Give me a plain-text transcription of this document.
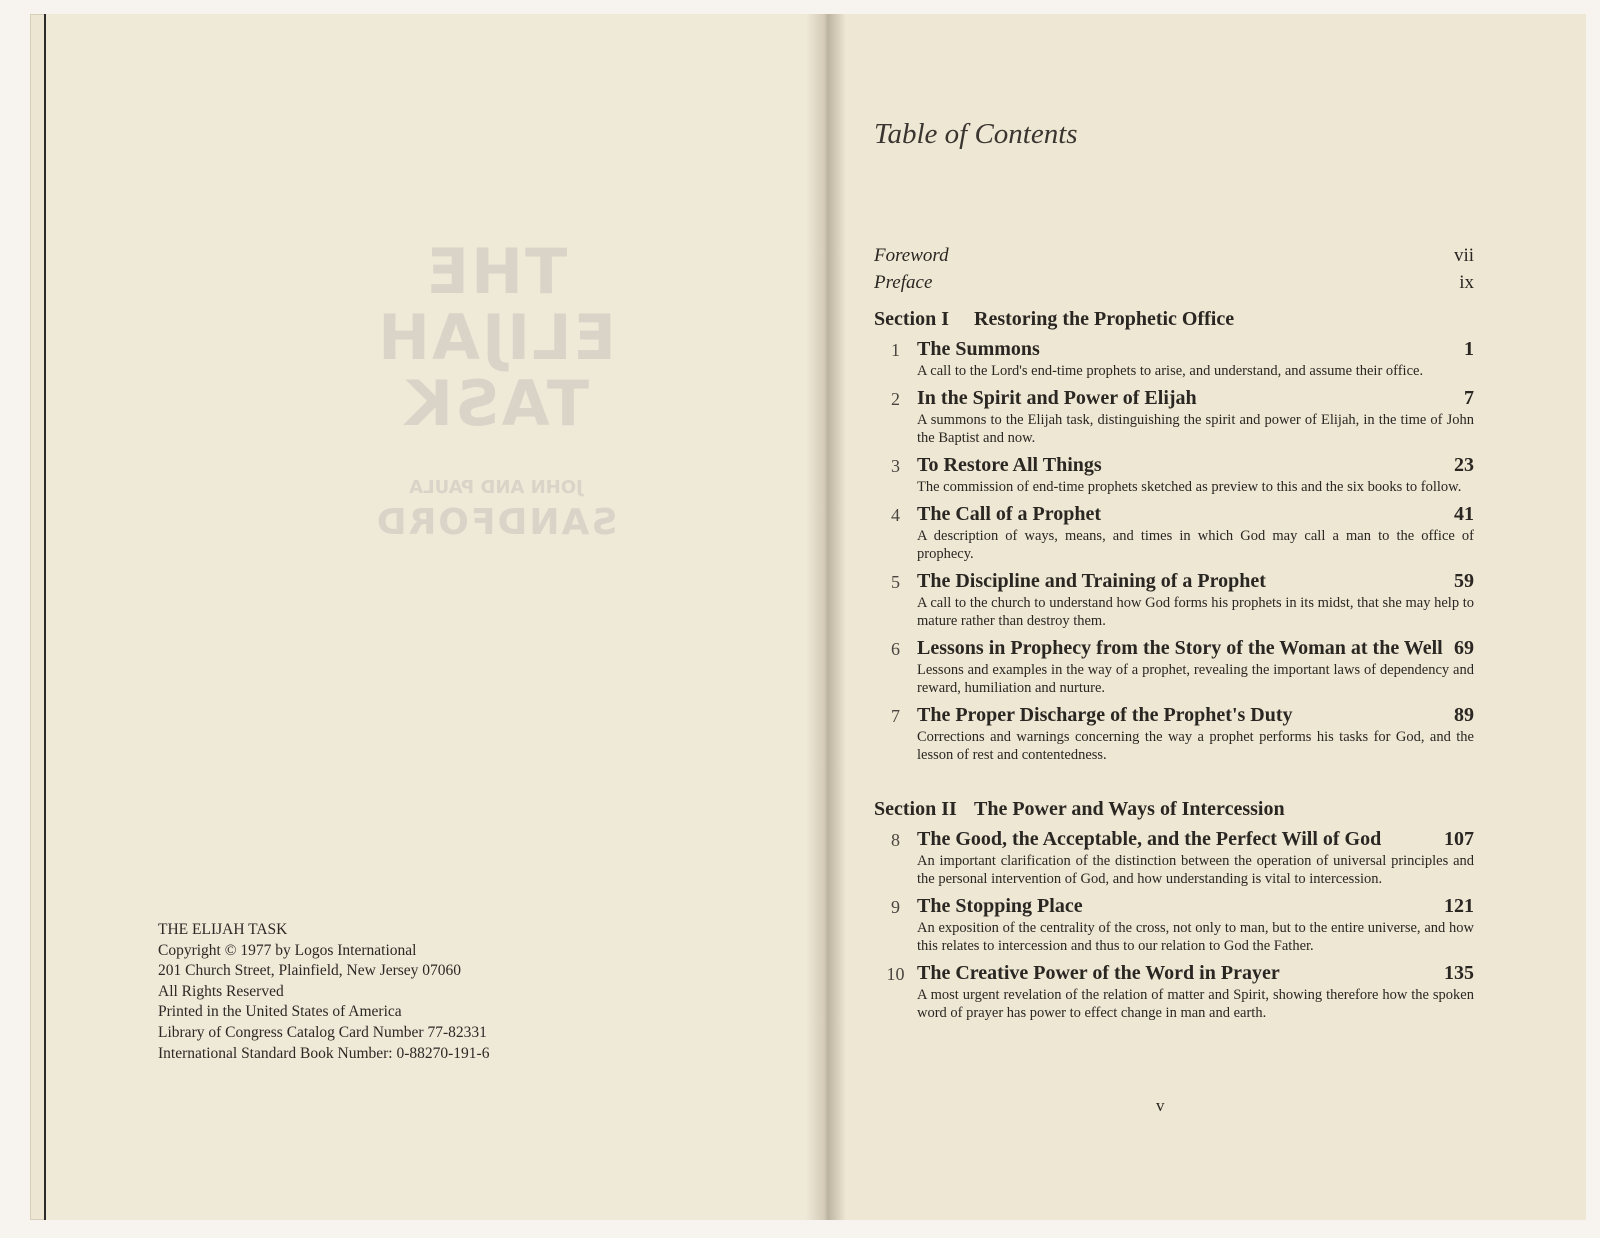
THE
ELIJAH
TASK
JOHN AND PAULA
SANDFORD
THE ELIJAH TASK
Copyright © 1977 by Logos International
201 Church Street, Plainfield, New Jersey 07060
All Rights Reserved
Printed in the United States of America
Library of Congress Catalog Card Number 77-82331
International Standard Book Number: 0-88270-191-6
Table of Contents
Foreword	vii
Preface	ix
Section I Restoring the Prophetic Office
1 The Summons	1
A call to the Lord's end-time prophets to arise, and understand, and assume their office.
2 In the Spirit and Power of Elijah	7
A summons to the Elijah task, distinguishing the spirit and power of Elijah, in the time of John the Baptist and now.
3 To Restore All Things	23
The commission of end-time prophets sketched as preview to this and the six books to follow.
4 The Call of a Prophet	41
A description of ways, means, and times in which God may call a man to the office of prophecy.
5 The Discipline and Training of a Prophet	59
A call to the church to understand how God forms his prophets in its midst, that she may help to mature rather than destroy them.
6 Lessons in Prophecy from the Story of the Woman at the Well 69
Lessons and examples in the way of a prophet, revealing the important laws of dependency and reward, humiliation and nurture.
7 The Proper Discharge of the Prophet's Duty	89
Corrections and warnings concerning the way a prophet performs his tasks for God, and the lesson of rest and contentedness.
Section II The Power and Ways of Intercession
8 The Good, the Acceptable, and the Perfect Will of God	107
An important clarification of the distinction between the operation of universal principles and the personal intervention of God, and how understanding is vital to intercession.
9 The Stopping Place	121
An exposition of the centrality of the cross, not only to man, but to the entire universe, and how this relates to intercession and thus to our relation to God the Father.
10 The Creative Power of the Word in Prayer	135
A most urgent revelation of the relation of matter and Spirit, showing therefore how the spoken word of prayer has power to effect change in man and earth.
v
